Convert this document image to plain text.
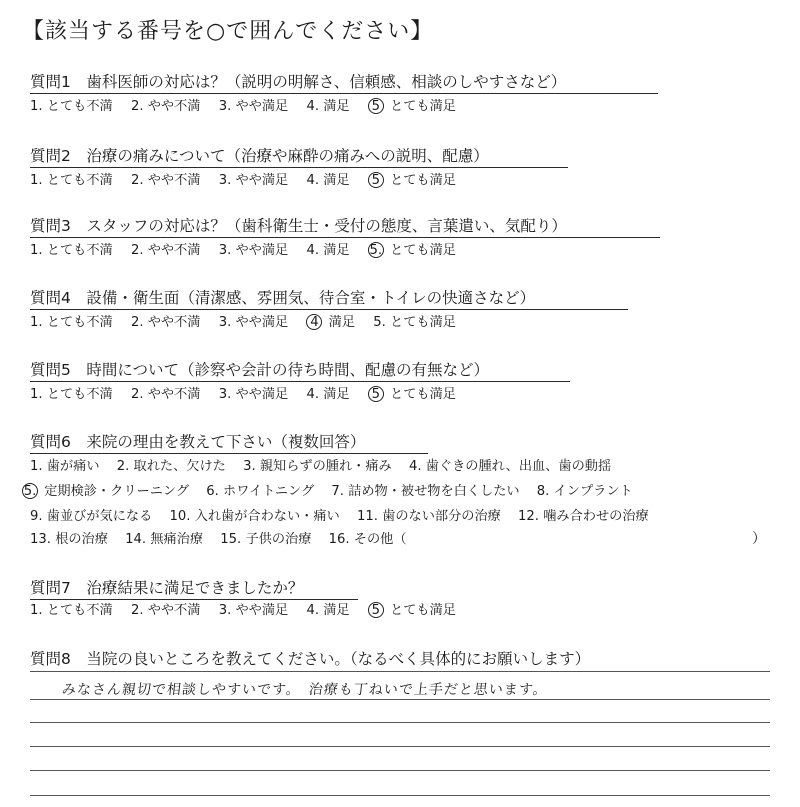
【該当する番号を○で囲んでください】
質問1　歯科医師の対応は？（説明の明解さ、信頼感、相談のしやすさなど）
1. とても不満 2. やや不満 3. やや満足 4. 満足 5 とても満足
質問2　治療の痛みについて（治療や麻酔の痛みへの説明、配慮）
1. とても不満 2. やや不満 3. やや満足 4. 満足 5 とても満足
質問3　スタッフの対応は？（歯科衛生士・受付の態度、言葉遣い、気配り）
1. とても不満 2. やや不満 3. やや満足 4. 満足 5. とても満足
質問4　設備・衛生面（清潔感、雰囲気、待合室・トイレの快適さなど）
1. とても不満 2. やや不満 3. やや満足 4 満足 5. とても満足
質問5　時間について（診察や会計の待ち時間、配慮の有無など）
1. とても不満 2. やや不満 3. やや満足 4. 満足 5 とても満足
質問6　来院の理由を教えて下さい（複数回答）
1. 歯が痛い 2. 取れた、欠けた 3. 親知らずの腫れ・痛み 4. 歯ぐきの腫れ、出血、歯の動揺
5. 定期検診・クリーニング 6. ホワイトニング 7. 詰め物・被せ物を白くしたい 8. インプラント
9. 歯並びが気になる 10. 入れ歯が合わない・痛い 11. 歯のない部分の治療 12. 噛み合わせの治療
13. 根の治療 14. 無痛治療 15. 子供の治療 16. その他（	）
質問7　治療結果に満足できましたか？
1. とても不満 2. やや不満 3. やや満足 4. 満足 5 とても満足
質問8　当院の良いところを教えてください。（なるべく具体的にお願いします）
みなさん親切で相談しやすいです。　治療も丁ねいで上手だと思います。
